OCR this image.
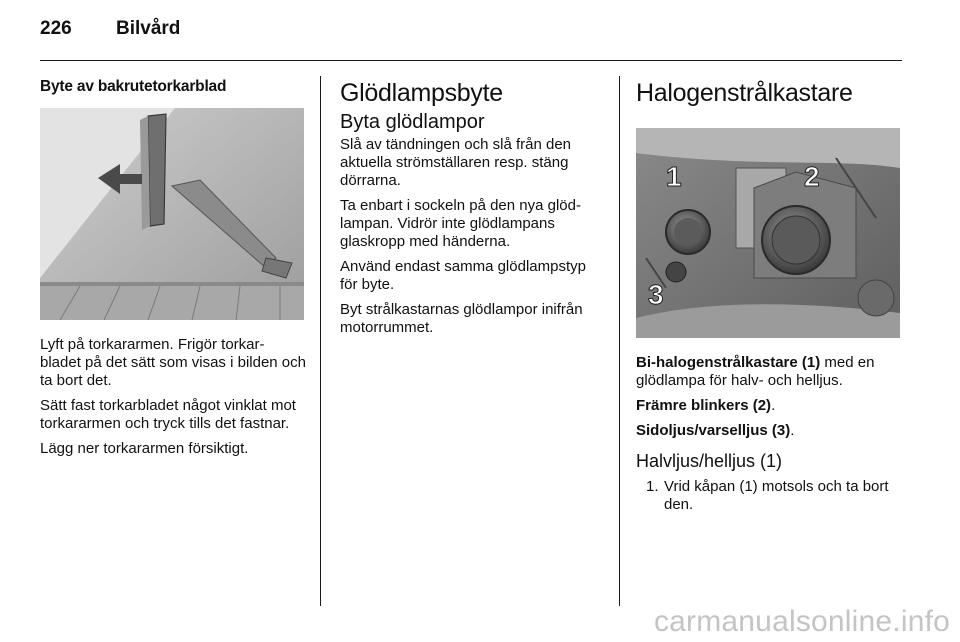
226 Bilvård
Byte av bakrutetorkarblad

Lyft på torkararmen. Frigör torkar- bladet på det sätt som visas i bilden och ta bort det.

Sätt fast torkarbladet något vinklat mot torkararmen och tryck tills det fastnar.

Lägg ner torkararmen försiktigt.

Glödlampsbyte
Byta glödlampor

Slå av tändningen och slå från den aktuella strömställaren resp. stäng dörrarna.

Ta enbart i sockeln på den nya glöd- lampan. Vidrör inte glödlampans glaskropp med händerna.

Använd endast samma glödlampstyp för byte.

Byt strålkastarnas glödlampor inifrån motorrummet.

Halogenstrålkastare
1	2
3

Bi-halogenstrålkastare (1) med en glödlampa för halv- och helljus.

Främre blinkers (2).

Sidoljus/varselljus (3).

Halvljus/helljus (1)

1. Vrid kåpan (1) motsols och ta bort den.

carmanualsonline.info
